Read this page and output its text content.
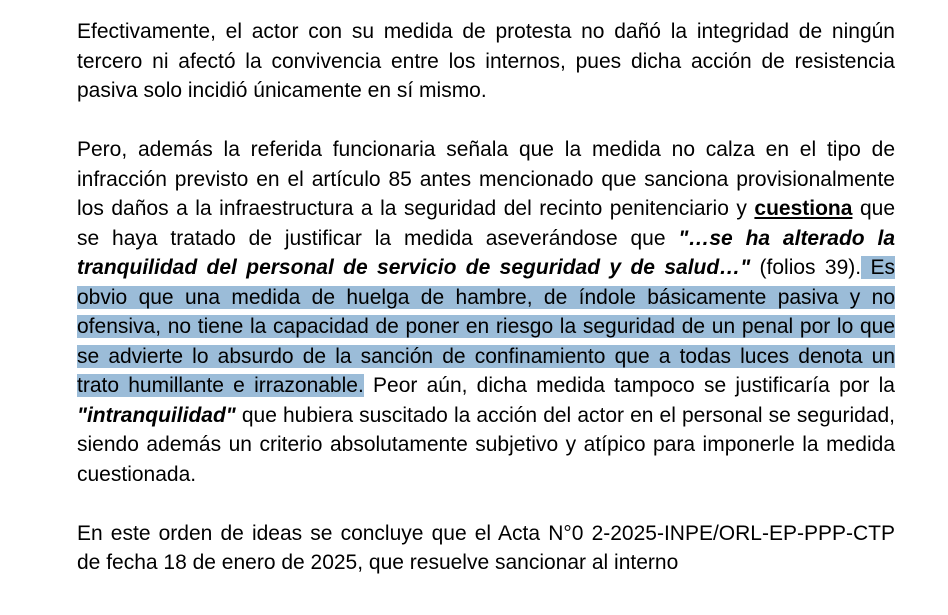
Efectivamente, el actor con su medida de protesta no dañó la integridad de ningún tercero ni afectó la convivencia entre los internos, pues dicha acción de resistencia pasiva solo incidió únicamente en sí mismo.

Pero, además la referida funcionaria señala que la medida no calza en el tipo de infracción previsto en el artículo 85 antes mencionado que sanciona provisionalmente los daños a la infraestructura a la seguridad del recinto penitenciario y cuestiona que se haya tratado de justificar la medida aseverándose que "…se ha alterado la tranquilidad del personal de servicio de seguridad y de salud…" (folios 39). Es obvio que una medida de huelga de hambre, de índole básicamente pasiva y no ofensiva, no tiene la capacidad de poner en riesgo la seguridad de un penal por lo que se advierte lo absurdo de la sanción de confinamiento que a todas luces denota un trato humillante e irrazonable. Peor aún, dicha medida tampoco se justificaría por la "intranquilidad" que hubiera suscitado la acción del actor en el personal se seguridad, siendo además un criterio absolutamente subjetivo y atípico para imponerle la medida cuestionada.

En este orden de ideas se concluye que el Acta N°0 2-2025-INPE/ORL-EP-PPP-CTP de fecha 18 de enero de 2025, que resuelve sancionar al interno
